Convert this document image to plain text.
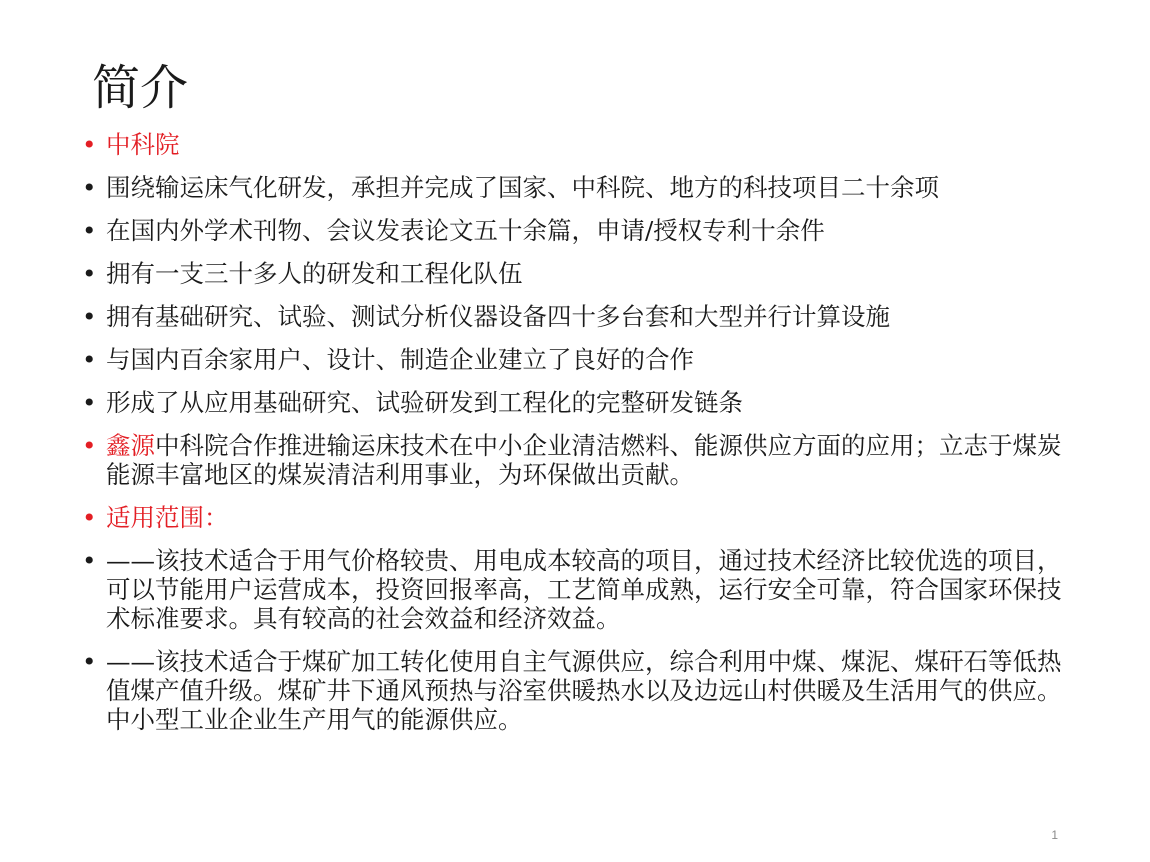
简介
• 中科院
• 围绕输运床气化研发，承担并完成了国家、中科院、地方的科技项目二十余项
• 在国内外学术刊物、会议发表论文五十余篇，申请/授权专利十余件
• 拥有一支三十多人的研发和工程化队伍
• 拥有基础研究、试验、测试分析仪器设备四十多台套和大型并行计算设施
• 与国内百余家用户、设计、制造企业建立了良好的合作
• 形成了从应用基础研究、试验研发到工程化的完整研发链条
• 鑫源中科院合作推进输运床技术在中小企业清洁燃料、能源供应方面的应用；立志于煤炭能源丰富地区的煤炭清洁利用事业，为环保做出贡献。
• 适用范围：
• ——该技术适合于用气价格较贵、用电成本较高的项目，通过技术经济比较优选的项目，可以节能用户运营成本，投资回报率高，工艺简单成熟，运行安全可靠，符合国家环保技术标准要求。具有较高的社会效益和经济效益。
• ——该技术适合于煤矿加工转化使用自主气源供应，综合利用中煤、煤泥、煤矸石等低热值煤产值升级。煤矿井下通风预热与浴室供暖热水以及边远山村供暖及生活用气的供应。中小型工业企业生产用气的能源供应。
1
